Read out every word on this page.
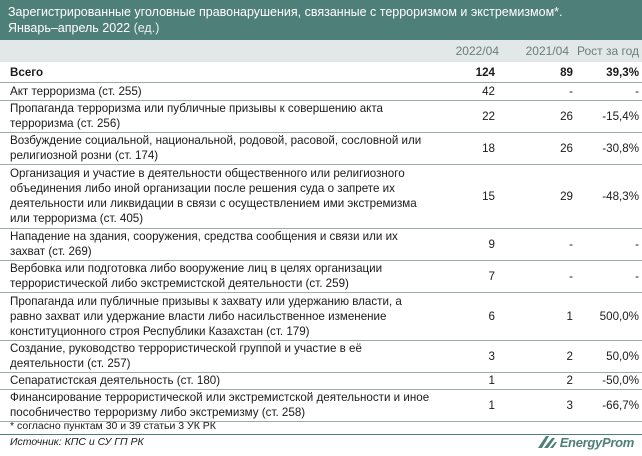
Зарегистрированные уголовные правонарушения, связанные с терроризмом и экстремизмом*.
Январь–апрель 2022 (ед.)
2022/04 2021/04 Рост за год
Всего	124	89	39,3%
Акт терроризма (ст. 255)	42	-	-
Пропаганда терроризма или публичные призывы к совершению акта терроризма (ст. 256)	22	26	-15,4%
Возбуждение социальной, национальной, родовой, расовой, сословной или религиозной розни (ст. 174)	18	26	-30,8%
Организация и участие в деятельности общественного или религиозного объединения либо иной организации после решения суда о запрете их деятельности или ликвидации в связи с осуществлением ими экстремизма или терроризма (ст. 405)	15	29	-48,3%
Нападение на здания, сооружения, средства сообщения и связи или их захват (ст. 269)	9	-	-
Вербовка или подготовка либо вооружение лиц в целях организации террористической либо экстремистской деятельности (ст. 259)	7	-	-
Пропаганда или публичные призывы к захвату или удержанию власти, а равно захват или удержание власти либо насильственное изменение конституционного строя Республики Казахстан (ст. 179)	6	1	500,0%
Создание, руководство террористической группой и участие в её деятельности (ст. 257)	3	2	50,0%
Сепаратистская деятельность (ст. 180)	1	2	-50,0%
Финансирование террористической или экстремистской деятельности и иное пособничество терроризму либо экстремизму (ст. 258)	1	3	-66,7%
* согласно пунктам 30 и 39 статьи 3 УК РК
Источник: КПС и СУ ГП РК	EnergyProm
